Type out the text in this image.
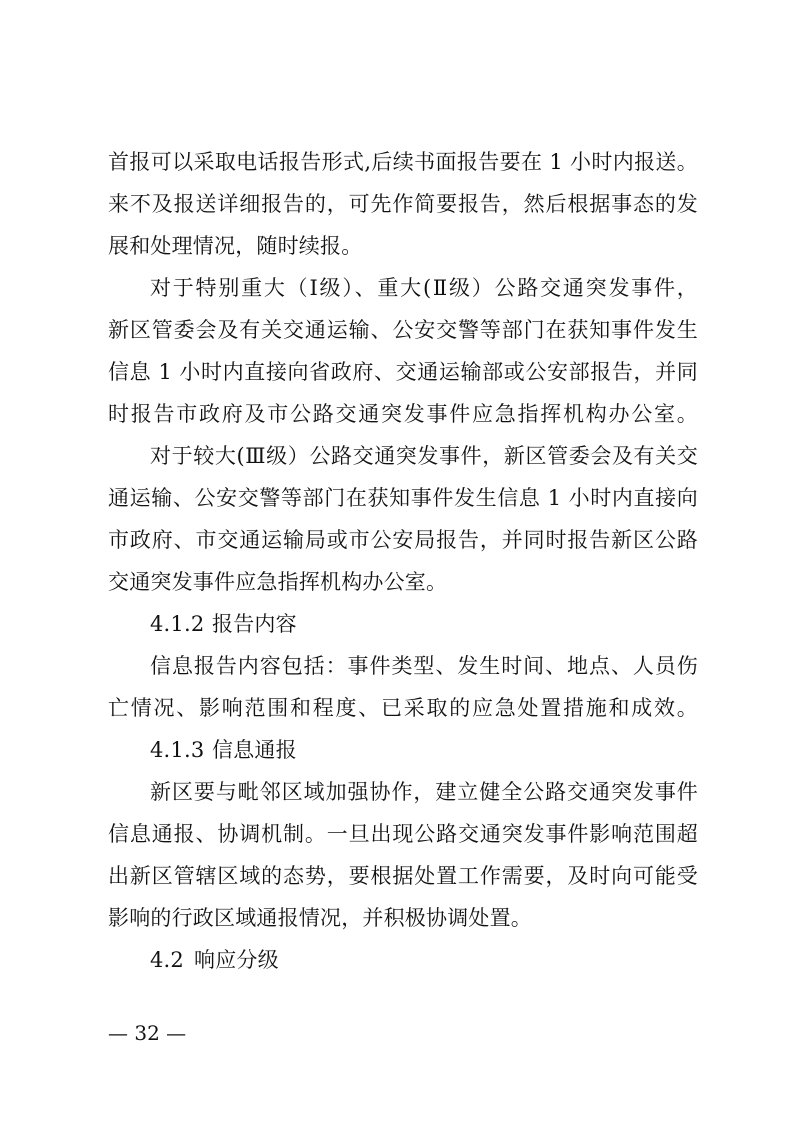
首报可以采取电话报告形式,后续书面报告要在 1 小时内报送。
来不及报送详细报告的，可先作简要报告，然后根据事态的发
展和处理情况，随时续报。
对于特别重大（Ⅰ级）、重大(Ⅱ级）公路交通突发事件，
新区管委会及有关交通运输、公安交警等部门在获知事件发生
信息 1 小时内直接向省政府、交通运输部或公安部报告，并同
时报告市政府及市公路交通突发事件应急指挥机构办公室。
对于较大(Ⅲ级）公路交通突发事件，新区管委会及有关交
通运输、公安交警等部门在获知事件发生信息 1 小时内直接向
市政府、市交通运输局或市公安局报告，并同时报告新区公路
交通突发事件应急指挥机构办公室。
4.1.2 报告内容
信息报告内容包括：事件类型、发生时间、地点、人员伤
亡情况、影响范围和程度、已采取的应急处置措施和成效。
4.1.3 信息通报
新区要与毗邻区域加强协作，建立健全公路交通突发事件
信息通报、协调机制。一旦出现公路交通突发事件影响范围超
出新区管辖区域的态势，要根据处置工作需要，及时向可能受
影响的行政区域通报情况，并积极协调处置。
4.2 响应分级
— 32 —
